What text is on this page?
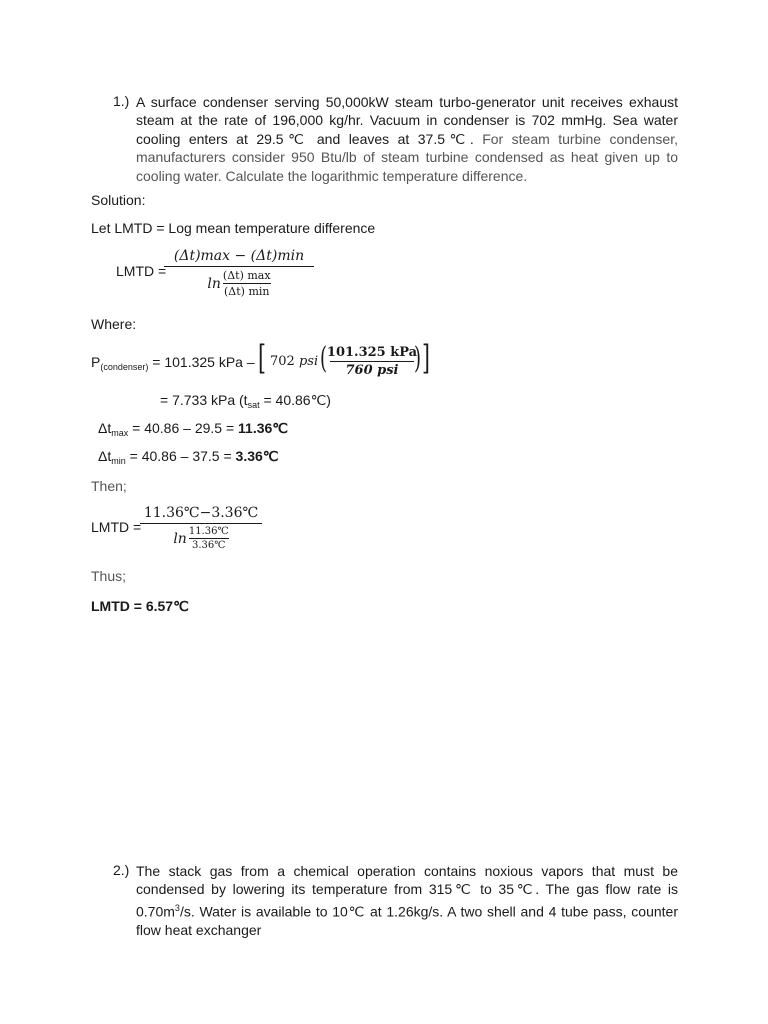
1.) A surface condenser serving 50,000kW steam turbo-generator unit receives exhaust steam at the rate of 196,000 kg/hr. Vacuum in condenser is 702 mmHg. Sea water cooling enters at 29.5℃ and leaves at 37.5℃. For steam turbine condenser, manufacturers consider 950 Btu/lb of steam turbine condensed as heat given up to cooling water. Calculate the logarithmic temperature difference.
Solution:
Let LMTD = Log mean temperature difference
LMTD =
(Δt)max − (Δt)min
$\ln \frac{(\Delta t) \max}{(\Delta t) \min}$
Where:
$P_{(condenser)} = 101.325$ kPa – [ 702 psi ( 101.325 kPa
760 psi ) ]
= 7.733 kPa ($t_{sat}$ = 40.86℃)
$\Delta t_{max} = 40.86 - 29.5$ = 11.36℃
$\Delta t_{min} = 40.86 - 37.5$ = 3.36℃
Then;
LMTD =
11.36℃−3.36℃
$\ln \frac{11.36℃}{3.36℃}$
Thus;
LMTD = 6.57℃
2.) The stack gas from a chemical operation contains noxious vapors that must be condensed by lowering its temperature from 315℃ to 35℃. The gas flow rate is $0.70m^3/s$. Water is available to 10℃ at 1.26kg/s. A two shell and 4 tube pass, counter flow heat exchanger
